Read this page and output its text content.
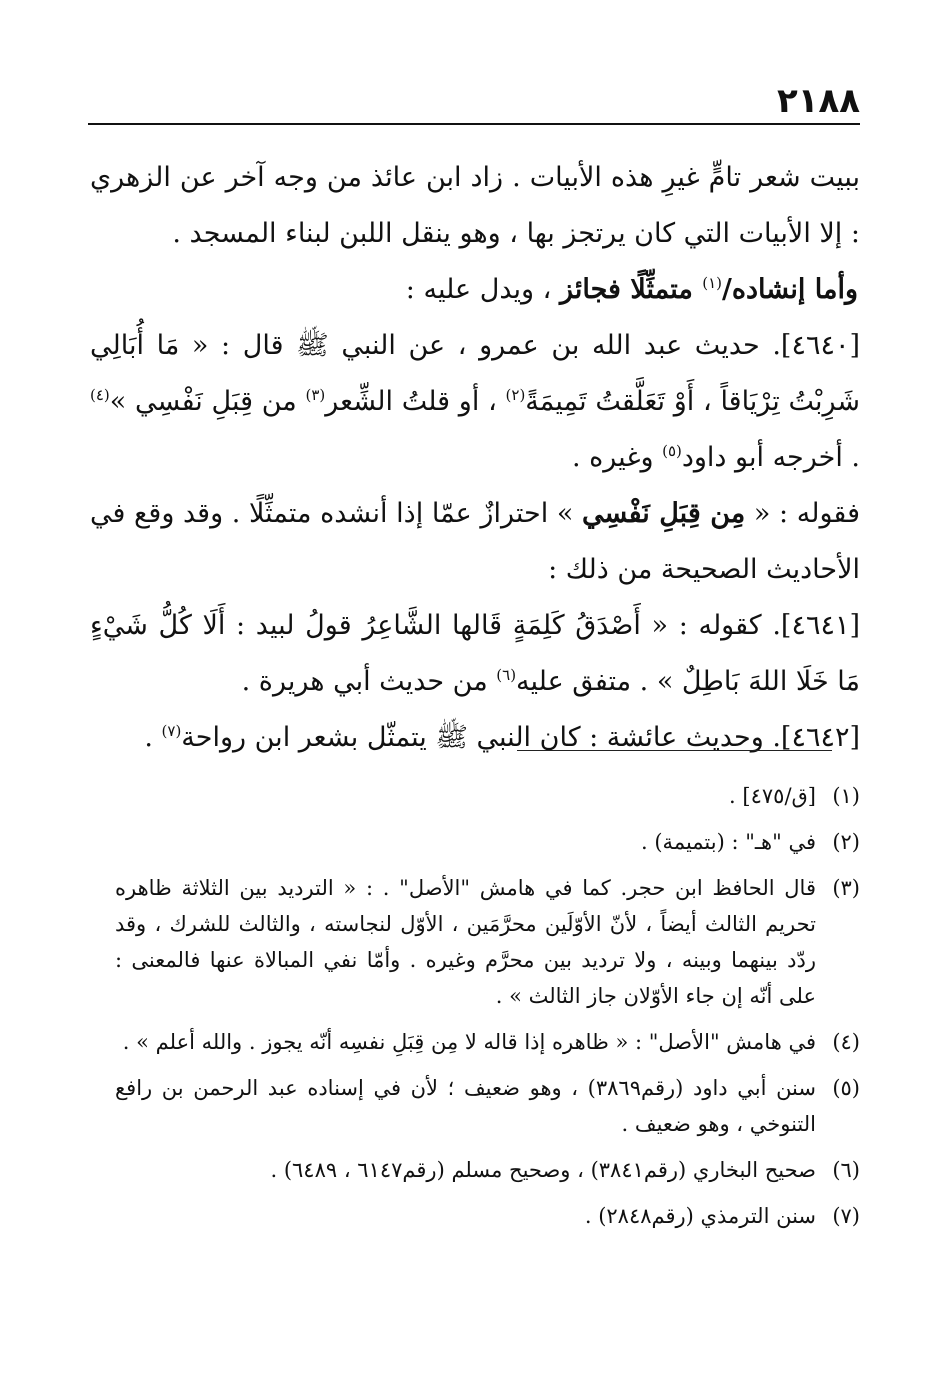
٢١٨٨

ببيت شعر تامٍّ غيرِ هذه الأبيات . زاد ابن عائذ من وجه آخر عن الزهري : إلا الأبيات التي كان يرتجز بها ، وهو ينقل اللبن لبناء المسجد .

وأما إنشاده/$^{(١)}$ متمثِّلًا فجائز ، ويدل عليه :

[٤٦٤٠]. حديث عبد الله بن عمرو ، عن النبي ﷺ قال : « مَا أُبَالِي شَرِبْتُ تِرْيَاقاً ، أَوْ تَعَلَّقتُ تَمِيمَةً$^{(٢)}$ ، أو قلتُ الشِّعر$^{(٣)}$ من قِبَلِ نَفْسِي »$^{(٤)}$ . أخرجه أبو داود$^{(٥)}$ وغيره .

فقوله : « مِن قِبَلِ نَفْسِي » احترازٌ عمّا إذا أنشده متمثِّلًا . وقد وقع في الأحاديث الصحيحة من ذلك :

[٤٦٤١]. كقوله : « أَصْدَقُ كَلِمَةٍ قَالها الشَّاعِرُ قولُ لبيد : أَلَا كُلُّ شَيْءٍ مَا خَلَا اللهَ بَاطِلٌ » . متفق عليه$^{(٦)}$ من حديث أبي هريرة .

[٤٦٤٢]. وحديث عائشة : كان النبي ﷺ يتمثّل بشعر ابن رواحة$^{(٧)}$ .

(١)
[ق/٤٧٥] .
(٢)
في "هـ" : (بتميمة) .
(٣)
قال الحافظ ابن حجر. كما في هامش "الأصل" . : « الترديد بين الثلاثة ظاهره تحريم الثالث أيضاً ، لأنّ الأوّلَين محرَّمَين ، الأوّل لنجاسته ، والثالث للشرك ، وقد ردّد بينهما وبينه ، ولا ترديد بين محرَّم وغيره . وأمّا نفي المبالاة عنها فالمعنى : على أنّه إن جاء الأوّلان جاز الثالث » .
(٤)
في هامش "الأصل" : « ظاهره إذا قاله لا مِن قِبَلِ نفسِه أنّه يجوز . والله أعلم » .
(٥)
سنن أبي داود (رقم٣٨٦٩) ، وهو ضعيف ؛ لأن في إسناده عبد الرحمن بن رافع التنوخي ، وهو ضعيف .
(٦)
صحيح البخاري (رقم٣٨٤١) ، وصحيح مسلم (رقم٦١٤٧ ، ٦٤٨٩) .
(٧)
سنن الترمذي (رقم٢٨٤٨) .
